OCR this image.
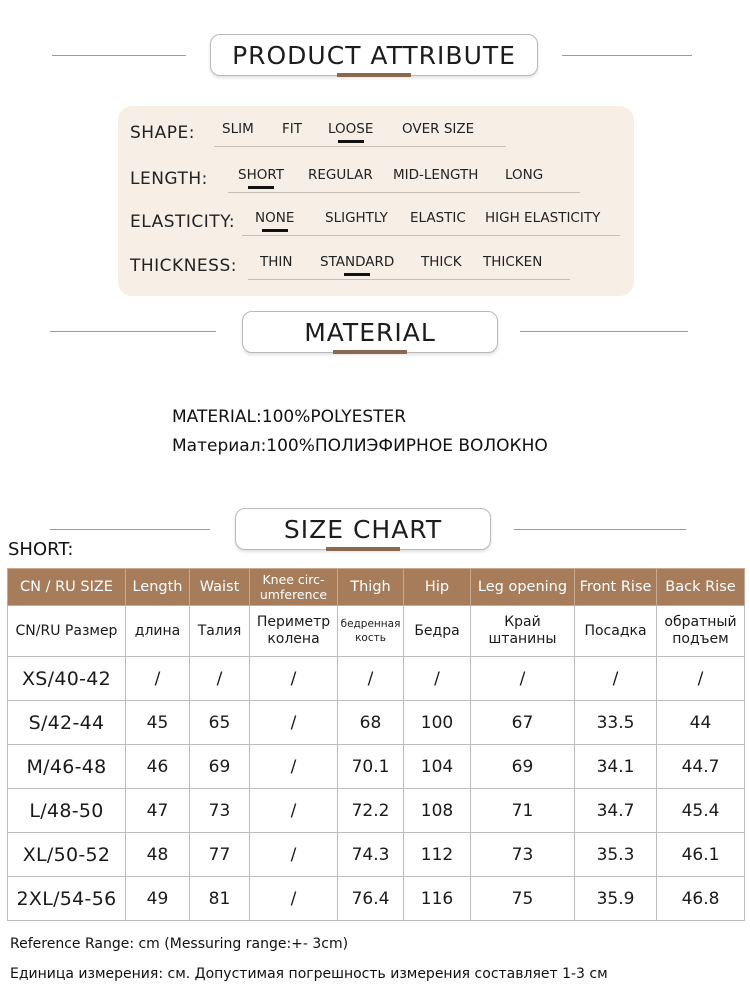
PRODUCT ATTRIBUTE
SHAPE: SLIM FIT LOOSE OVER SIZE
LENGTH: SHORT REGULAR MID-LENGTH LONG
ELASTICITY: NONE SLIGHTLY ELASTIC HIGH ELASTICITY
THICKNESS: THIN STANDARD THICK THICKEN
MATERIAL
MATERIAL:100%POLYESTER
Материал:100%ПОЛИЭФИРНОЕ ВОЛОКНО
SIZE CHART
SHORT:
CN / RU SIZE	Length	Waist	Knee circ-umference	Thigh	Hip	Leg opening	Front Rise	Back Rise
CN/RU Размер	длина	Талия	Периметр колена	бедренная кость	Бедра	Край штанины	Посадка	обратный подъем
XS/40-42	/	/	/	/	/	/	/	/
S/42-44	45	65	/	68	100	67	33.5	44
M/46-48	46	69	/	70.1	104	69	34.1	44.7
L/48-50	47	73	/	72.2	108	71	34.7	45.4
XL/50-52	48	77	/	74.3	112	73	35.3	46.1
2XL/54-56	49	81	/	76.4	116	75	35.9	46.8
Reference Range: cm (Messuring range:+- 3cm)
Единица измерения: см. Допустимая погрешность измерения составляет 1-3 см
